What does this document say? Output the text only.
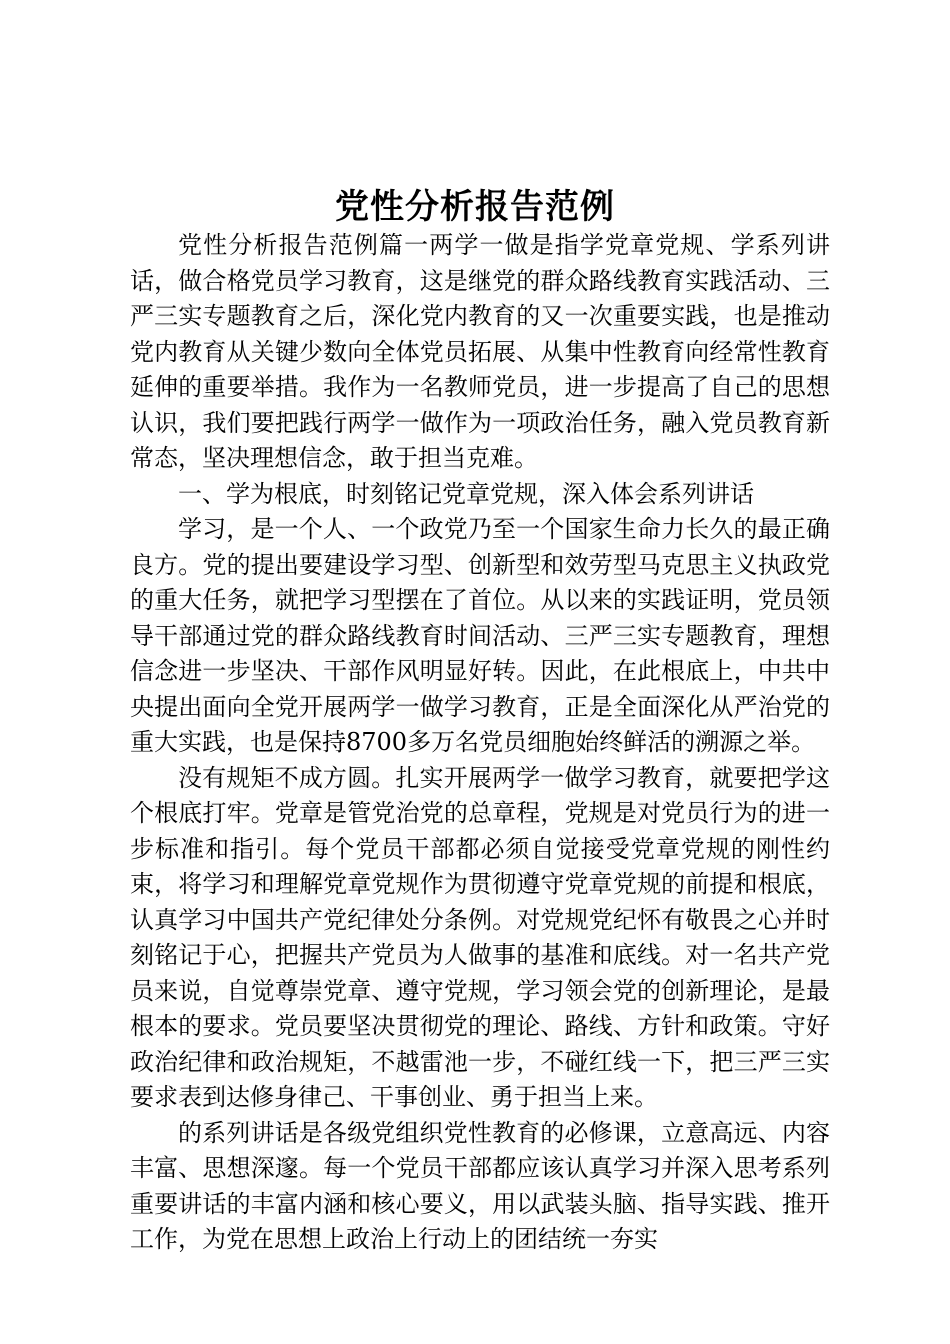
党性分析报告范例

党性分析报告范例篇一两学一做是指学党章党规、学系列讲话，做合格党员学习教育，这是继党的群众路线教育实践活动、三严三实专题教育之后，深化党内教育的又一次重要实践，也是推动党内教育从关键少数向全体党员拓展、从集中性教育向经常性教育延伸的重要举措。我作为一名教师党员，进一步提高了自己的思想认识，我们要把践行两学一做作为一项政治任务，融入党员教育新常态，坚决理想信念，敢于担当克难。

一、学为根底，时刻铭记党章党规，深入体会系列讲话

学习，是一个人、一个政党乃至一个国家生命力长久的最正确良方。党的提出要建设学习型、创新型和效劳型马克思主义执政党的重大任务，就把学习型摆在了首位。从以来的实践证明，党员领导干部通过党的群众路线教育时间活动、三严三实专题教育，理想信念进一步坚决、干部作风明显好转。因此，在此根底上，中共中央提出面向全党开展两学一做学习教育，正是全面深化从严治党的重大实践，也是保持8700多万名党员细胞始终鲜活的溯源之举。

没有规矩不成方圆。扎实开展两学一做学习教育，就要把学这个根底打牢。党章是管党治党的总章程，党规是对党员行为的进一步标准和指引。每个党员干部都必须自觉接受党章党规的刚性约束，将学习和理解党章党规作为贯彻遵守党章党规的前提和根底，认真学习中国共产党纪律处分条例。对党规党纪怀有敬畏之心并时刻铭记于心，把握共产党员为人做事的基准和底线。对一名共产党员来说，自觉尊崇党章、遵守党规，学习领会党的创新理论，是最根本的要求。党员要坚决贯彻党的理论、路线、方针和政策。守好政治纪律和政治规矩，不越雷池一步，不碰红线一下，把三严三实要求表到达修身律己、干事创业、勇于担当上来。

的系列讲话是各级党组织党性教育的必修课，立意高远、内容丰富、思想深邃。每一个党员干部都应该认真学习并深入思考系列重要讲话的丰富内涵和核心要义，用以武装头脑、指导实践、推开工作，为党在思想上政治上行动上的团结统一夯实
